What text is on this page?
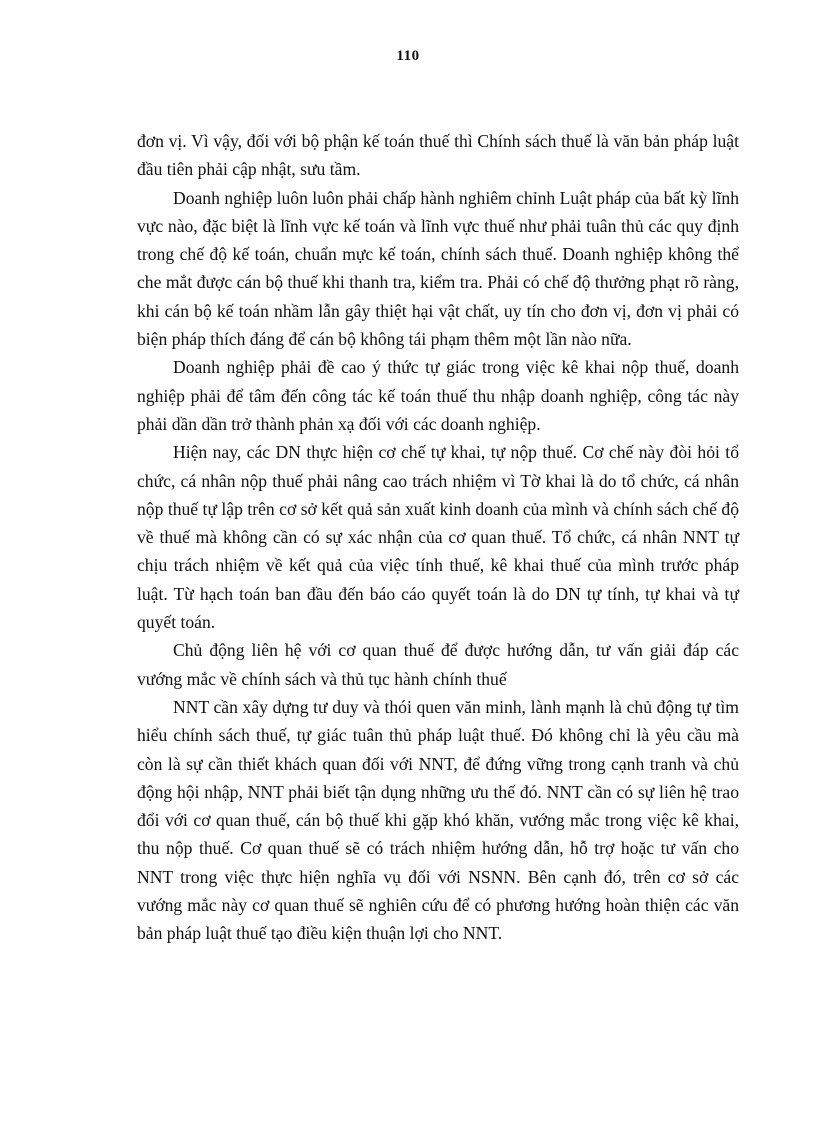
110

đơn vị. Vì vậy, đối với bộ phận kế toán thuế thì Chính sách thuế là văn bản pháp luật đầu tiên phải cập nhật, sưu tầm.

Doanh nghiệp luôn luôn phải chấp hành nghiêm chỉnh Luật pháp của bất kỳ lĩnh vực nào, đặc biệt là lĩnh vực kế toán và lĩnh vực thuế như phải tuân thủ các quy định trong chế độ kế toán, chuẩn mực kế toán, chính sách thuế. Doanh nghiệp không thể che mắt được cán bộ thuế khi thanh tra, kiểm tra. Phải có chế độ thưởng phạt rõ ràng, khi cán bộ kế toán nhầm lẫn gây thiệt hại vật chất, uy tín cho đơn vị, đơn vị phải có biện pháp thích đáng để cán bộ không tái phạm thêm một lần nào nữa.

Doanh nghiệp phải đề cao ý thức tự giác trong việc kê khai nộp thuế, doanh nghiệp phải để tâm đến công tác kế toán thuế thu nhập doanh nghiệp, công tác này phải dần dần trở thành phản xạ đối với các doanh nghiệp.

Hiện nay, các DN thực hiện cơ chế tự khai, tự nộp thuế. Cơ chế này đòi hỏi tổ chức, cá nhân nộp thuế phải nâng cao trách nhiệm vì Tờ khai là do tổ chức, cá nhân nộp thuế tự lập trên cơ sở kết quả sản xuất kinh doanh của mình và chính sách chế độ về thuế mà không cần có sự xác nhận của cơ quan thuế. Tổ chức, cá nhân NNT tự chịu trách nhiệm về kết quả của việc tính thuế, kê khai thuế của mình trước pháp luật. Từ hạch toán ban đầu đến báo cáo quyết toán là do DN tự tính, tự khai và tự quyết toán.

Chủ động liên hệ với cơ quan thuế để được hướng dẫn, tư vấn giải đáp các vướng mắc về chính sách và thủ tục hành chính thuế

NNT cần xây dựng tư duy và thói quen văn minh, lành mạnh là chủ động tự tìm hiểu chính sách thuế, tự giác tuân thủ pháp luật thuế. Đó không chỉ là yêu cầu mà còn là sự cần thiết khách quan đối với NNT, để đứng vững trong cạnh tranh và chủ động hội nhập, NNT phải biết tận dụng những ưu thế đó. NNT cần có sự liên hệ trao đổi với cơ quan thuế, cán bộ thuế khi gặp khó khăn, vướng mắc trong việc kê khai, thu nộp thuế. Cơ quan thuế sẽ có trách nhiệm hướng dẫn, hỗ trợ hoặc tư vấn cho NNT trong việc thực hiện nghĩa vụ đối với NSNN. Bên cạnh đó, trên cơ sở các vướng mắc này cơ quan thuế sẽ nghiên cứu để có phương hướng hoàn thiện các văn bản pháp luật thuế tạo điều kiện thuận lợi cho NNT.
